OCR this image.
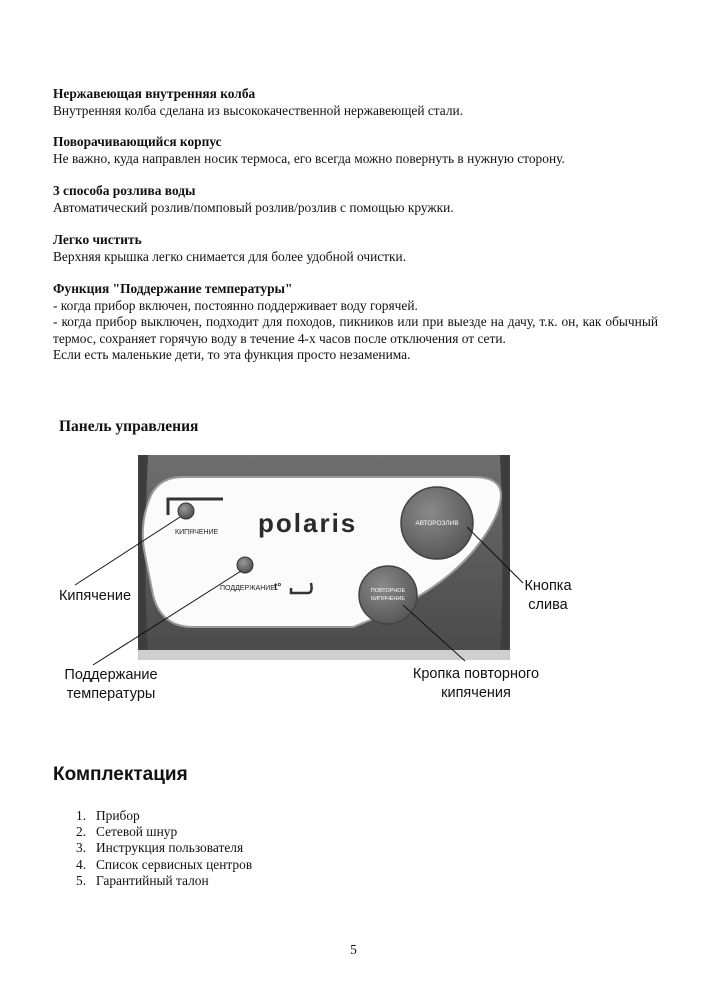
Нержавеющая внутренняя колба

Внутренняя колба сделана из высококачественной нержавеющей стали.

Поворачивающийся корпус

Не важно, куда направлен носик термоса, его всегда можно повернуть в нужную сторону.

3 способа розлива воды

Автоматический розлив/помповый розлив/розлив с помощью кружки.

Легко чистить

Верхняя крышка легко снимается для более удобной очистки.

Функция "Поддержание температуры"

- когда прибор включен, постоянно поддерживает воду горячей.

- когда прибор выключен, подходит для походов, пикников или при выезде на дачу, т.к. он, как обычный термос, сохраняет горячую воду в течение 4-х часов после отключения от сети.

Если есть маленькие дети, то эта функция просто незаменима.

Панель управления
КИПЯЧЕНИЕ
ПОДДЕРЖАНИЕ t°
polaris	АВТОРОЗЛИВ
ПОВТОРНОЕ
КИПЯЧЕНИЕ
Кипячение
Поддержание
температуры
Кнопка
слива
Кропка повторного
кипячения
Комплектация
1. Прибор
2. Сетевой шнур
3. Инструкция пользователя
4. Список сервисных центров
5. Гарантийный талон
5
